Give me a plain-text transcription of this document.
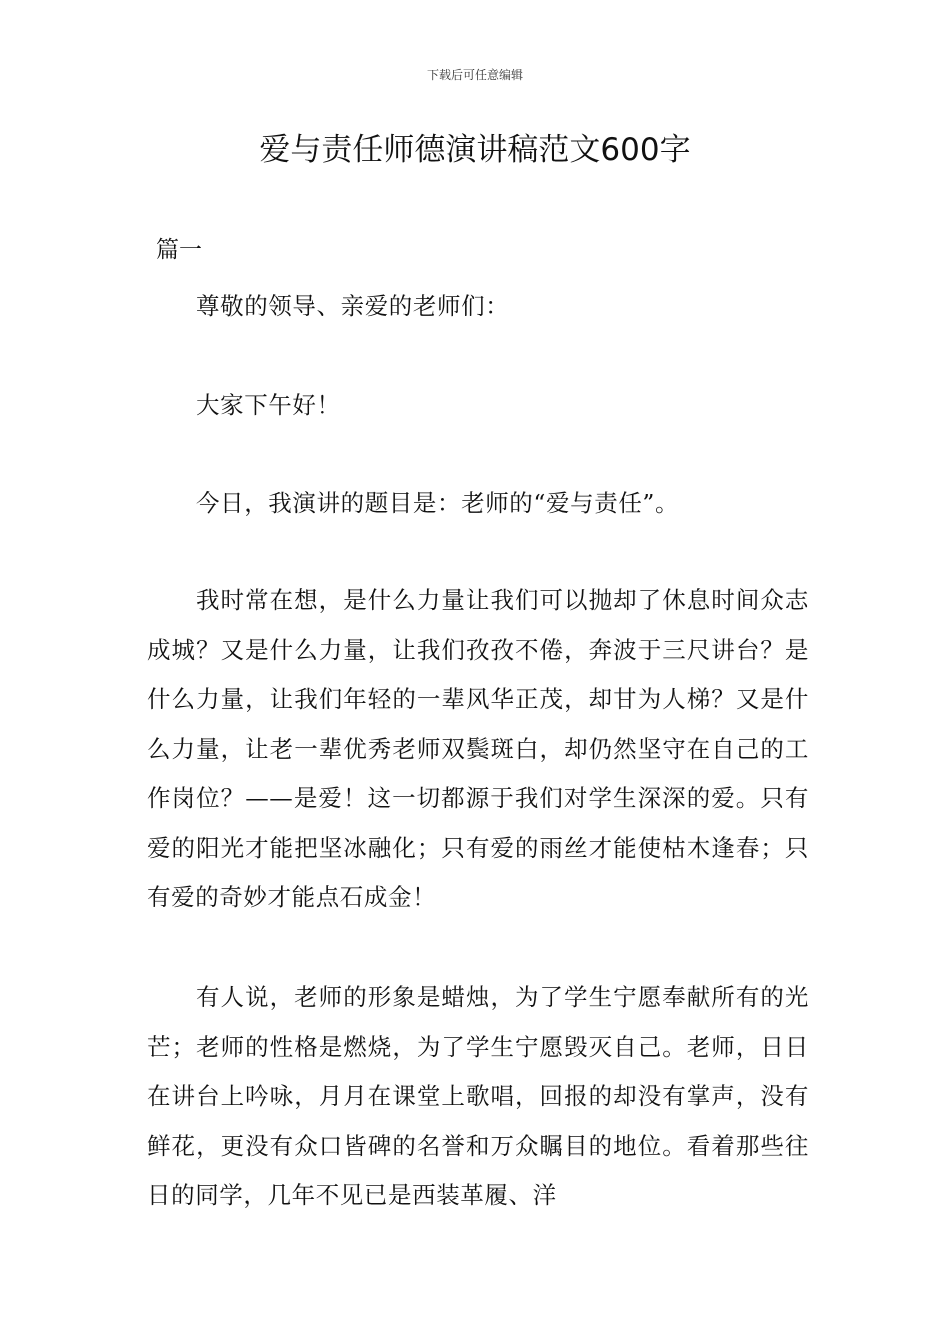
下载后可任意编辑
爱与责任师德演讲稿范文600字
篇一

尊敬的领导、亲爱的老师们：

大家下午好！

今日，我演讲的题目是：老师的“爱与责任”。

我时常在想，是什么力量让我们可以抛却了休息时间众志成城？又是什么力量，让我们孜孜不倦，奔波于三尺讲台？是什么力量，让我们年轻的一辈风华正茂，却甘为人梯？又是什么力量，让老一辈优秀老师双鬓斑白，却仍然坚守在自己的工作岗位？——是爱！这一切都源于我们对学生深深的爱。只有爱的阳光才能把坚冰融化；只有爱的雨丝才能使枯木逢春；只有爱的奇妙才能点石成金！

有人说，老师的形象是蜡烛，为了学生宁愿奉献所有的光芒；老师的性格是燃烧，为了学生宁愿毁灭自己。老师，日日在讲台上吟咏，月月在课堂上歌唱，回报的却没有掌声，没有鲜花，更没有众口皆碑的名誉和万众瞩目的地位。看着那些往日的同学，几年不见已是西装革履、洋
